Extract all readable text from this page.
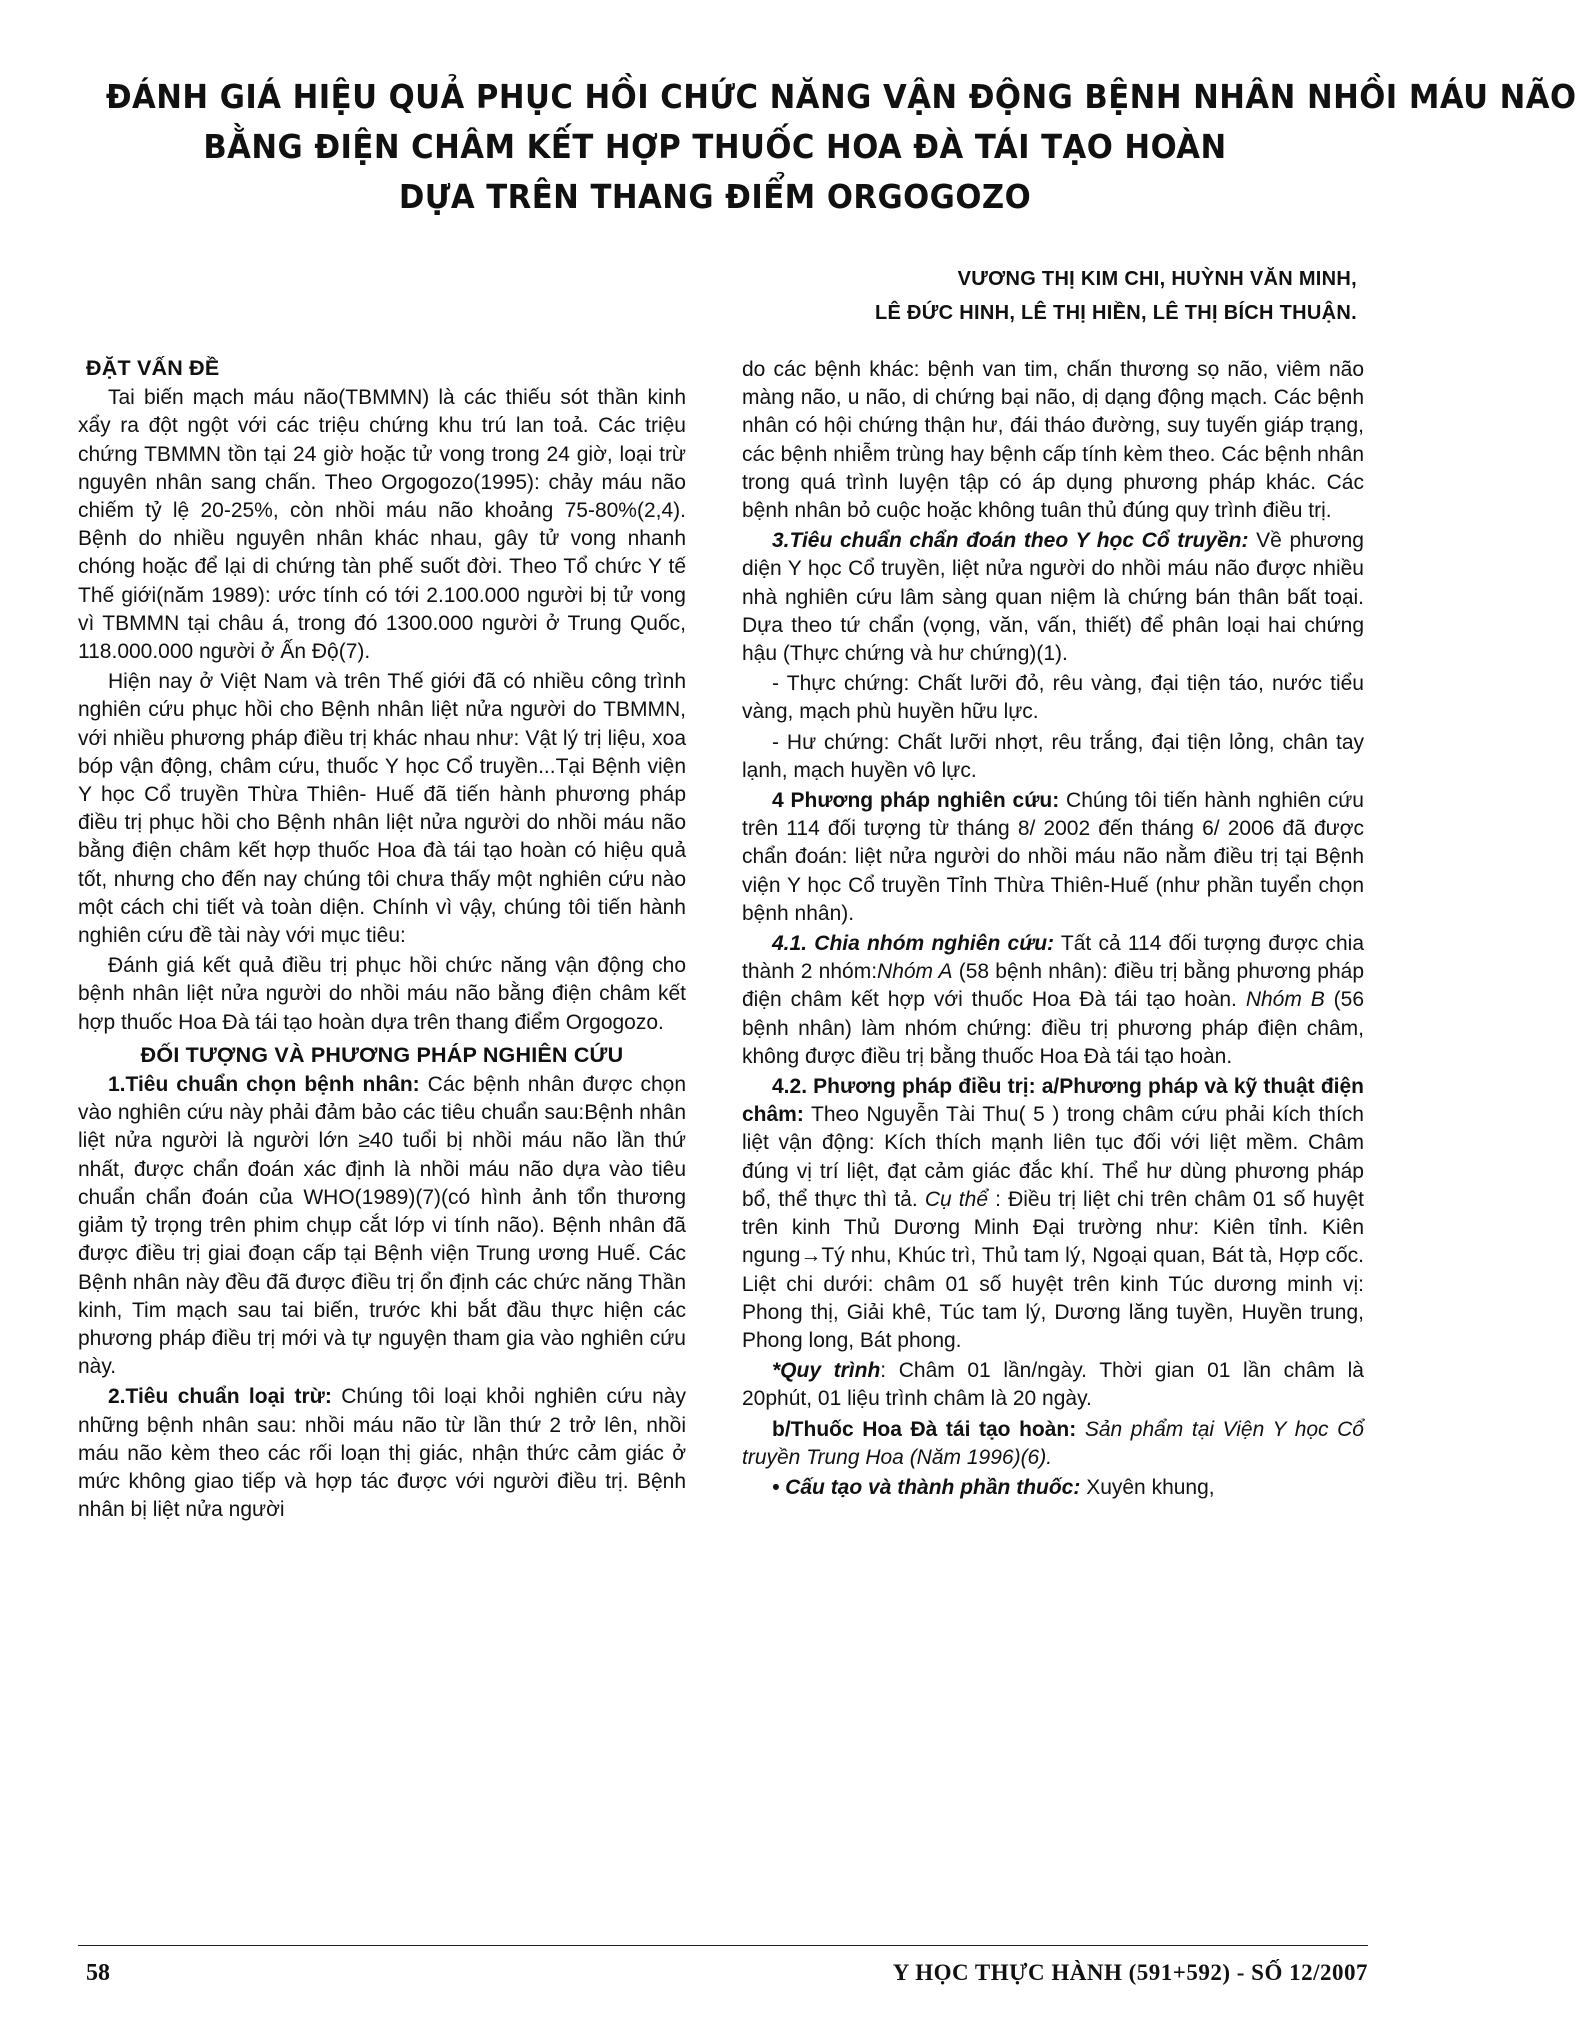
ĐÁNH GIÁ HIỆU QUẢ PHỤC HỒI CHỨC NĂNG VẬN ĐỘNG BỆNH NHÂN NHỒI MÁU NÃO
BẰNG ĐIỆN CHÂM KẾT HỢP THUỐC HOA ĐÀ TÁI TẠO HOÀN
DỰA TRÊN THANG ĐIỂM ORGOGOZO
VƯƠNG THỊ KIM CHI, HUỲNH VĂN MINH,
LÊ ĐỨC HINH, LÊ THỊ HIỀN, LÊ THỊ BÍCH THUẬN.
ĐẶT VẤN ĐỀ

Tai biến mạch máu não(TBMMN) là các thiếu sót thần kinh xẩy ra đột ngột với các triệu chứng khu trú lan toả. Các triệu chứng TBMMN tồn tại 24 giờ hoặc tử vong trong 24 giờ, loại trừ nguyên nhân sang chấn. Theo Orgogozo(1995): chảy máu não chiếm tỷ lệ 20-25%, còn nhồi máu não khoảng 75-80%(2,4). Bệnh do nhiều nguyên nhân khác nhau, gây tử vong nhanh chóng hoặc để lại di chứng tàn phế suốt đời. Theo Tổ chức Y tế Thế giới(năm 1989): ước tính có tới 2.100.000 người bị tử vong vì TBMMN tại châu á, trong đó 1300.000 người ở Trung Quốc, 118.000.000 người ở Ấn Độ(7).

Hiện nay ở Việt Nam và trên Thế giới đã có nhiều công trình nghiên cứu phục hồi cho Bệnh nhân liệt nửa người do TBMMN, với nhiều phương pháp điều trị khác nhau như: Vật lý trị liệu, xoa bóp vận động, châm cứu, thuốc Y học Cổ truyền...Tại Bệnh viện Y học Cổ truyền Thừa Thiên- Huế đã tiến hành phương pháp điều trị phục hồi cho Bệnh nhân liệt nửa người do nhồi máu não bằng điện châm kết hợp thuốc Hoa đà tái tạo hoàn có hiệu quả tốt, nhưng cho đến nay chúng tôi chưa thấy một nghiên cứu nào một cách chi tiết và toàn diện. Chính vì vậy, chúng tôi tiến hành nghiên cứu đề tài này với mục tiêu:

Đánh giá kết quả điều trị phục hồi chức năng vận động cho bệnh nhân liệt nửa người do nhồi máu não bằng điện châm kết hợp thuốc Hoa Đà tái tạo hoàn dựa trên thang điểm Orgogozo.

ĐỐI TƯỢNG VÀ PHƯƠNG PHÁP NGHIÊN CỨU

1.Tiêu chuẩn chọn bệnh nhân: Các bệnh nhân được chọn vào nghiên cứu này phải đảm bảo các tiêu chuẩn sau:Bệnh nhân liệt nửa người là người lớn ≥40 tuổi bị nhồi máu não lần thứ nhất, được chẩn đoán xác định là nhồi máu não dựa vào tiêu chuẩn chẩn đoán của WHO(1989)(7)(có hình ảnh tổn thương giảm tỷ trọng trên phim chụp cắt lớp vi tính não). Bệnh nhân đã được điều trị giai đoạn cấp tại Bệnh viện Trung ương Huế. Các Bệnh nhân này đều đã được điều trị ổn định các chức năng Thần kinh, Tim mạch sau tai biến, trước khi bắt đầu thực hiện các phương pháp điều trị mới và tự nguyện tham gia vào nghiên cứu này.

2.Tiêu chuẩn loại trừ: Chúng tôi loại khỏi nghiên cứu này những bệnh nhân sau: nhồi máu não từ lần thứ 2 trở lên, nhồi máu não kèm theo các rối loạn thị giác, nhận thức cảm giác ở mức không giao tiếp và hợp tác được với người điều trị. Bệnh nhân bị liệt nửa người

do các bệnh khác: bệnh van tim, chấn thương sọ não, viêm não màng não, u não, di chứng bại não, dị dạng động mạch. Các bệnh nhân có hội chứng thận hư, đái tháo đường, suy tuyến giáp trạng, các bệnh nhiễm trùng hay bệnh cấp tính kèm theo. Các bệnh nhân trong quá trình luyện tập có áp dụng phương pháp khác. Các bệnh nhân bỏ cuộc hoặc không tuân thủ đúng quy trình điều trị.

3.Tiêu chuẩn chẩn đoán theo Y học Cổ truyền: Về phương diện Y học Cổ truyền, liệt nửa người do nhồi máu não được nhiều nhà nghiên cứu lâm sàng quan niệm là chứng bán thân bất toại. Dựa theo tứ chẩn (vọng, văn, vấn, thiết) để phân loại hai chứng hậu (Thực chứng và hư chứng)(1).

- Thực chứng: Chất lưỡi đỏ, rêu vàng, đại tiện táo, nước tiểu vàng, mạch phù huyền hữu lực.

- Hư chứng: Chất lưỡi nhợt, rêu trắng, đại tiện lỏng, chân tay lạnh, mạch huyền vô lực.

4 Phương pháp nghiên cứu: Chúng tôi tiến hành nghiên cứu trên 114 đối tượng từ tháng 8/ 2002 đến tháng 6/ 2006 đã được chẩn đoán: liệt nửa người do nhồi máu não nằm điều trị tại Bệnh viện Y học Cổ truyền Tỉnh Thừa Thiên-Huế (như phần tuyển chọn bệnh nhân).

4.1. Chia nhóm nghiên cứu: Tất cả 114 đối tượng được chia thành 2 nhóm:Nhóm A (58 bệnh nhân): điều trị bằng phương pháp điện châm kết hợp với thuốc Hoa Đà tái tạo hoàn. Nhóm B (56 bệnh nhân) làm nhóm chứng: điều trị phương pháp điện châm, không được điều trị bằng thuốc Hoa Đà tái tạo hoàn.

4.2. Phương pháp điều trị: a/Phương pháp và kỹ thuật điện châm: Theo Nguyễn Tài Thu( 5 ) trong châm cứu phải kích thích liệt vận động: Kích thích mạnh liên tục đối với liệt mềm. Châm đúng vị trí liệt, đạt cảm giác đắc khí. Thể hư dùng phương pháp bổ, thể thực thì tả. Cụ thể : Điều trị liệt chi trên châm 01 số huyệt trên kinh Thủ Dương Minh Đại trường như: Kiên tỉnh. Kiên ngung→Tý nhu, Khúc trì, Thủ tam lý, Ngoại quan, Bát tà, Hợp cốc. Liệt chi dưới: châm 01 số huyệt trên kinh Túc dương minh vị: Phong thị, Giải khê, Túc tam lý, Dương lăng tuyền, Huyền trung, Phong long, Bát phong.

*Quy trình: Châm 01 lần/ngày. Thời gian 01 lần châm là 20phút, 01 liệu trình châm là 20 ngày.

b/Thuốc Hoa Đà tái tạo hoàn: Sản phẩm tại Viện Y học Cổ truyền Trung Hoa (Năm 1996)(6).

• Cấu tạo và thành phần thuốc: Xuyên khung,

58	Y HỌC THỰC HÀNH (591+592) - SỐ 12/2007
